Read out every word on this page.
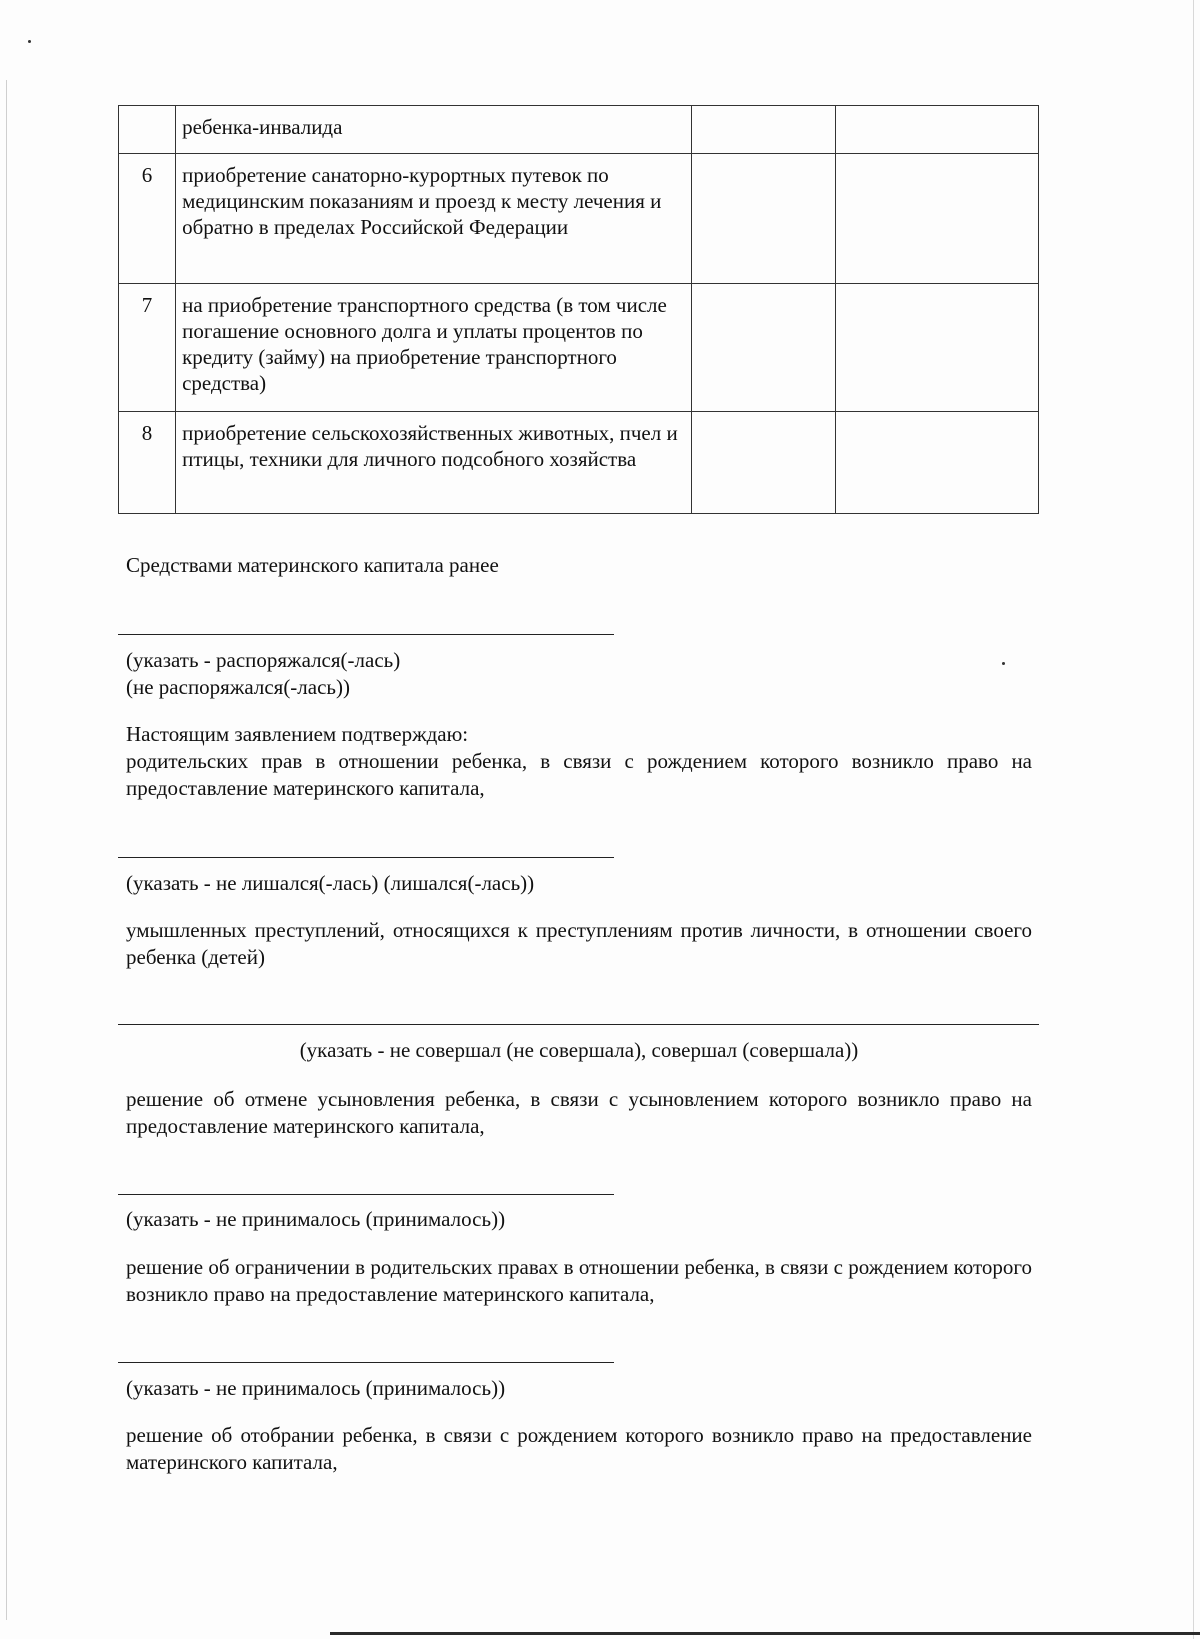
	ребенка-инвалида		
6	приобретение санаторно-курортных путевок по медицинским показаниям и проезд к месту лечения и обратно в пределах Российской Федерации		
7	на приобретение транспортного средства (в том числе погашение основного долга и уплаты процентов по кредиту (займу) на приобретение транспортного средства)		
8	приобретение сельскохозяйственных животных, пчел и птицы, техники для личного подсобного хозяйства		
Средствами материнского капитала ранее
(указать - распоряжался(-лась)
(не распоряжался(-лась))
Настоящим заявлением подтверждаю:
родительских прав в отношении ребенка, в связи с рождением которого возникло право на предоставление материнского капитала,
(указать - не лишался(-лась) (лишался(-лась))
умышленных преступлений, относящихся к преступлениям против личности, в отношении своего ребенка (детей)
(указать - не совершал (не совершала), совершал (совершала))
решение об отмене усыновления ребенка, в связи с усыновлением которого возникло право на предоставление материнского капитала,
(указать - не принималось (принималось))
решение об ограничении в родительских правах в отношении ребенка, в связи с рождением которого возникло право на предоставление материнского капитала,
(указать - не принималось (принималось))
решение об отобрании ребенка, в связи с рождением которого возникло право на предоставление материнского капитала,
